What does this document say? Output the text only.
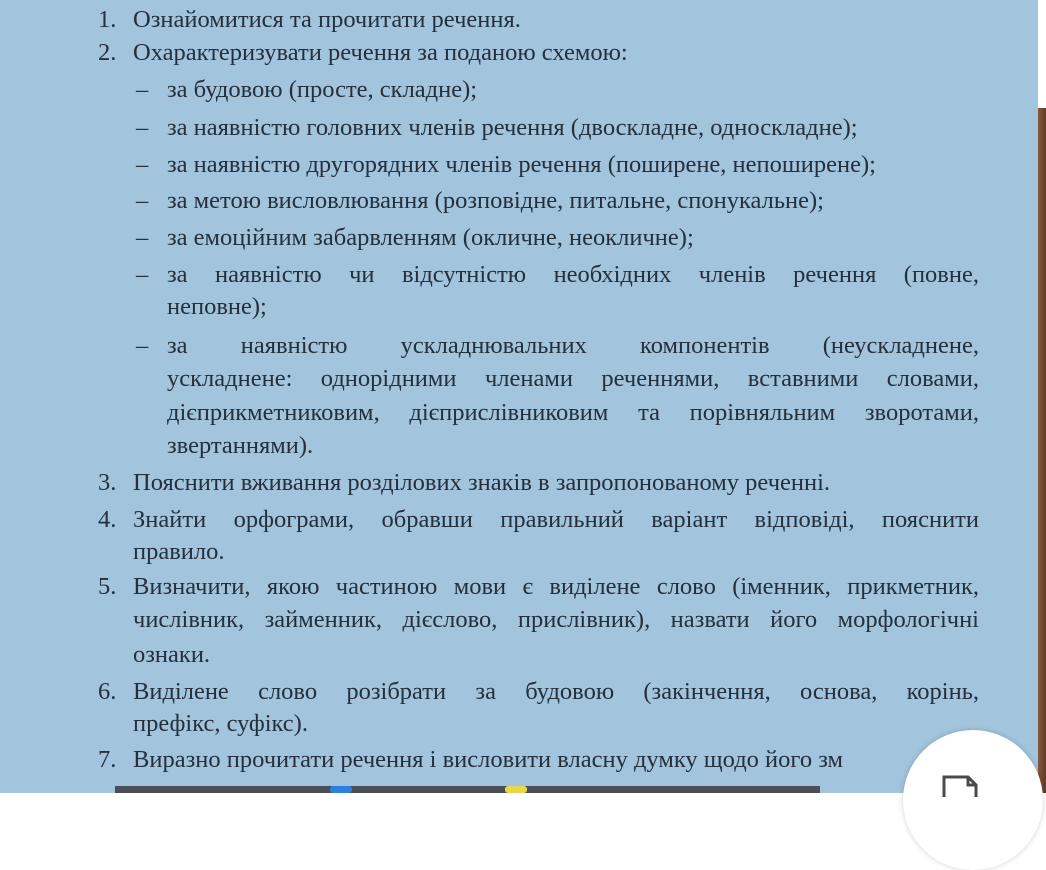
1. Ознайомитися та прочитати речення.
2. Охарактеризувати речення за поданою схемою:
– за будовою (просте, складне);
– за наявністю головних членів речення (двоскладне, односкладне);
– за наявністю другорядних членів речення (поширене, непоширене);
– за метою висловлювання (розповідне, питальне, спонукальне);
– за емоційним забарвленням (окличне, неокличне);
– за наявністю чи відсутністю необхідних членів речення (повне,
неповне);
– за наявністю ускладнювальних компонентів (неускладнене,
ускладнене: однорідними членами реченнями, вставними словами,
дієприкметниковим, дієприслівниковим та порівняльним зворотами,
звертаннями).
3. Пояснити вживання розділових знаків в запропонованому реченні.
4. Знайти орфограми, обравши правильний варіант відповіді, пояснити
правило.
5. Визначити, якою частиною мови є виділене слово (іменник, прикметник,
числівник, займенник, дієслово, прислівник), назвати його морфологічні
ознаки.
6. Виділене слово розібрати за будовою (закінчення, основа, корінь,
префікс, суфікс).
7. Виразно прочитати речення і висловити власну думку щодо його зм
